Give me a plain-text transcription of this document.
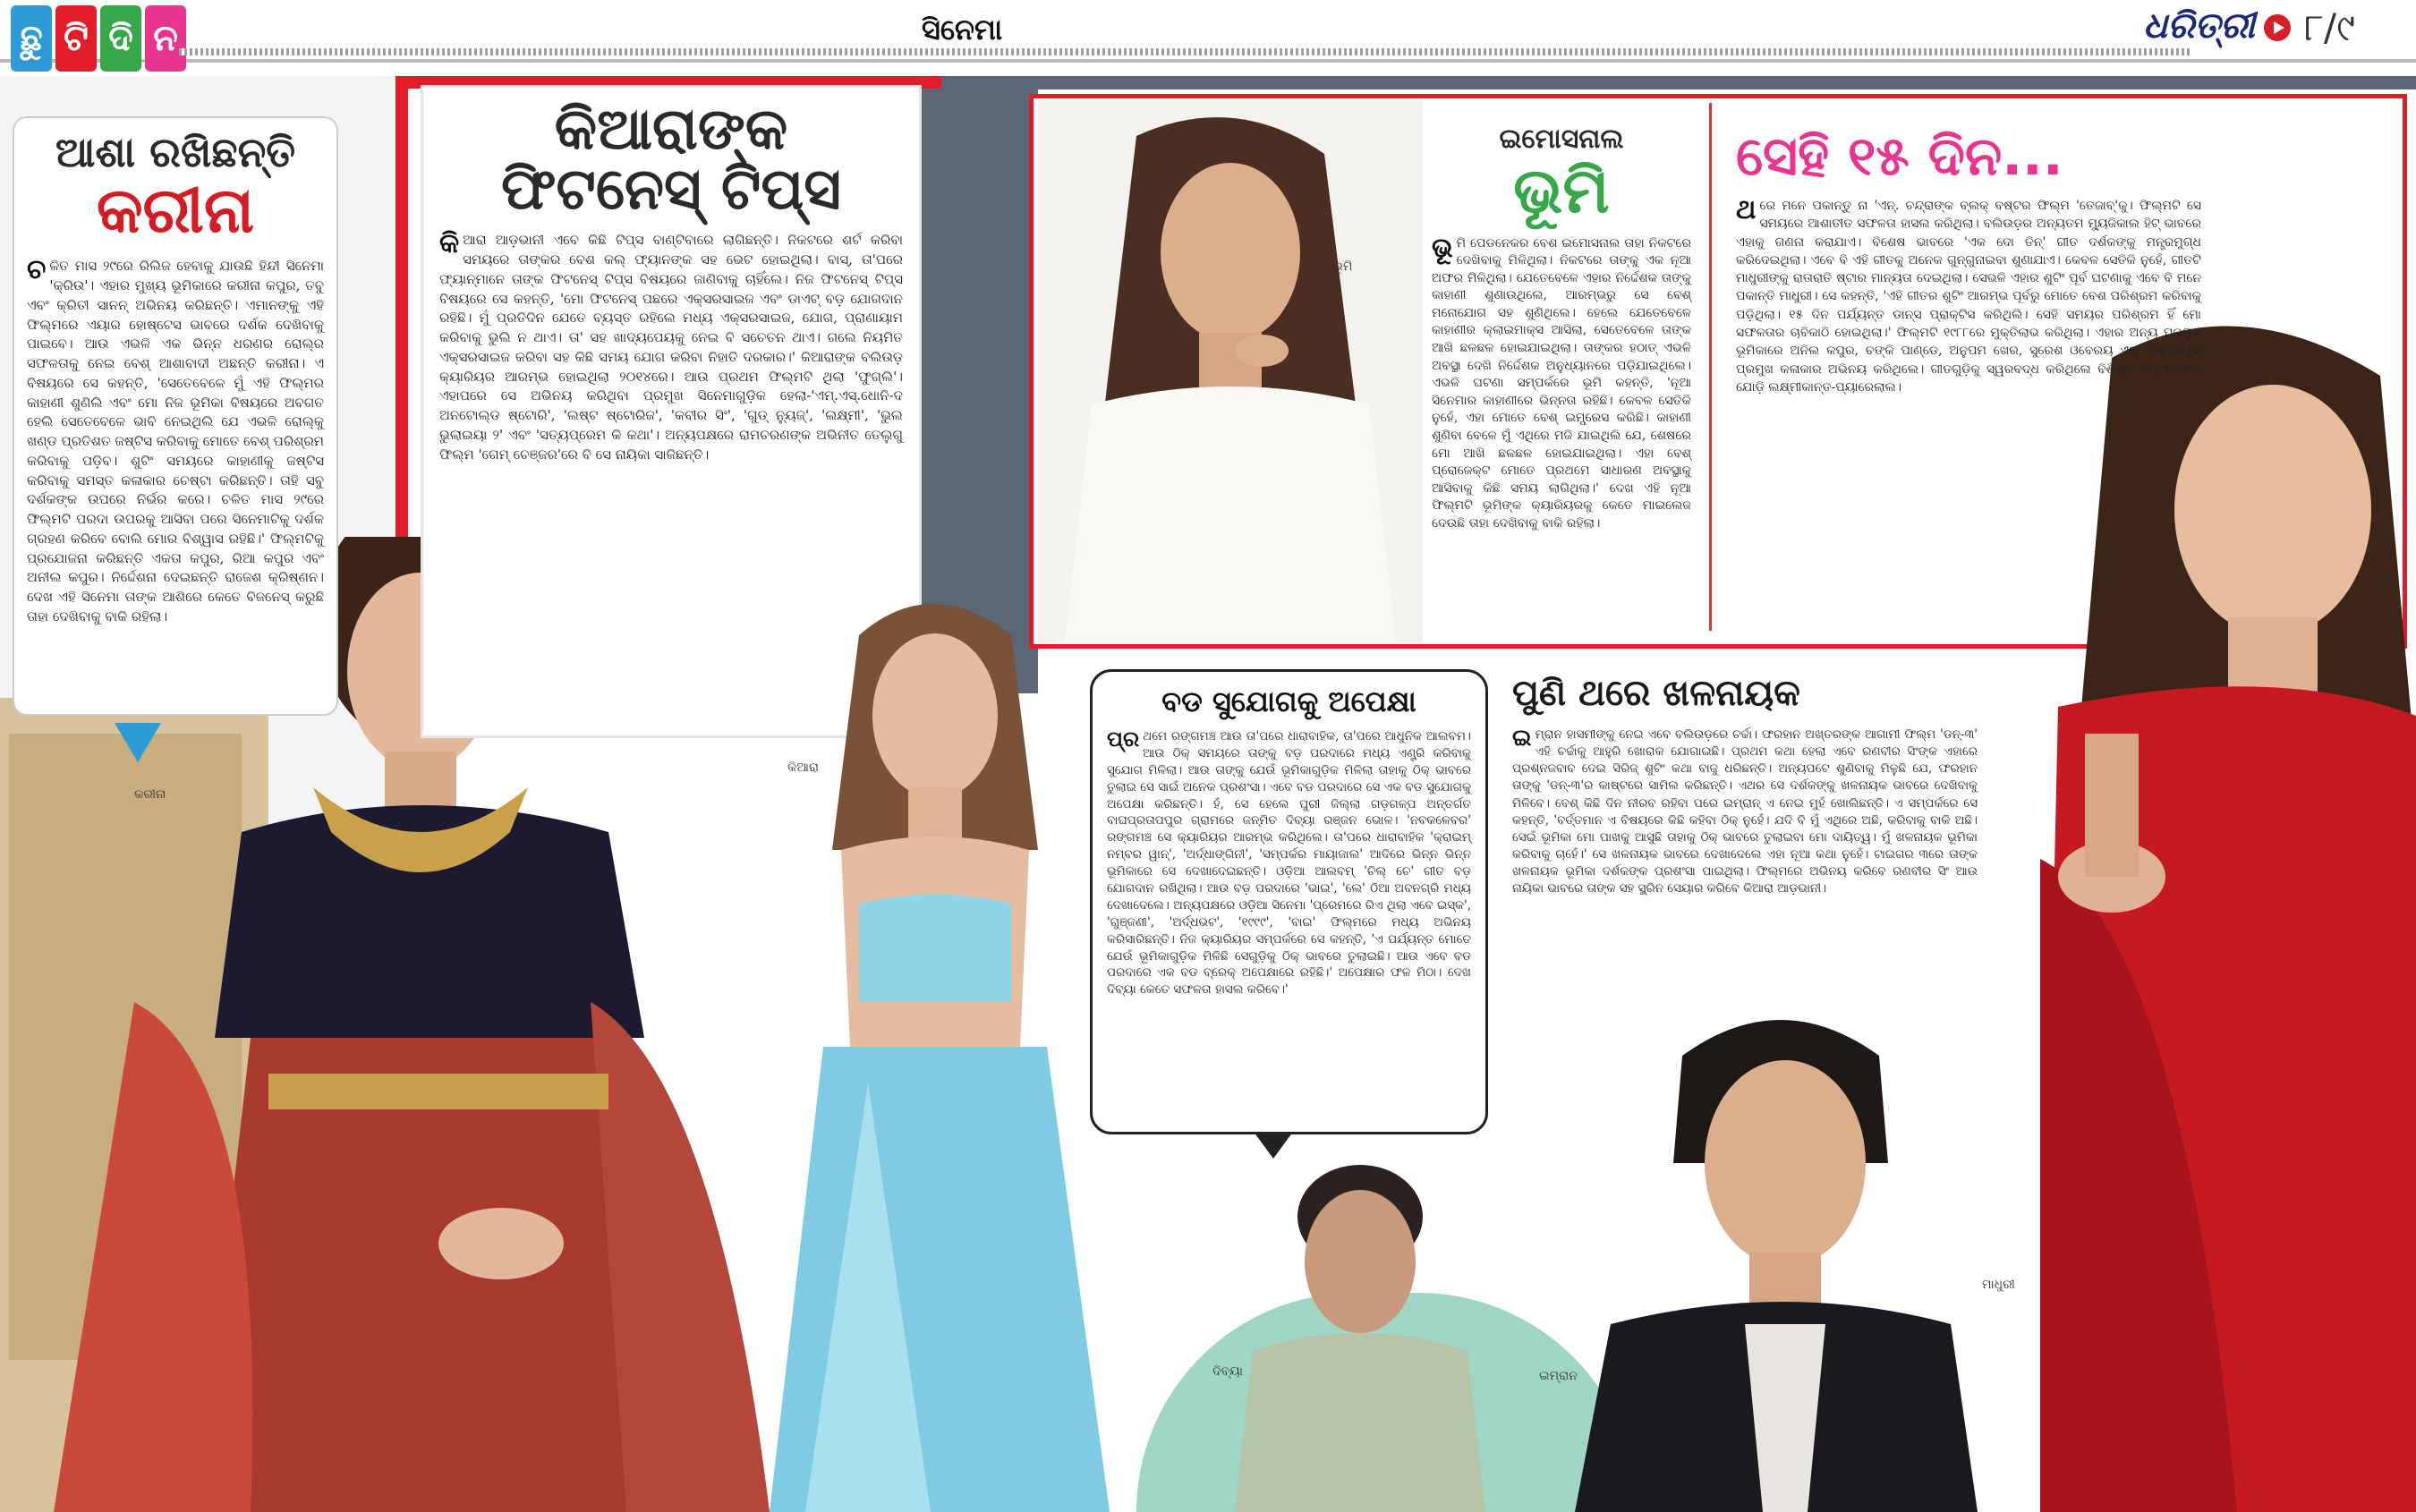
ଛୁ ଟି ଦି ନ	ସିନେମା	ଧରିତ୍ରୀ ୮/୯
ଆଶା ରଖିଛନ୍ତି
କରୀନା
ଚଳିତ ମାସ ୨୯ରେ ରିଲିଜ ହେବାକୁ ଯାଉଛି ହିନ୍ଦୀ ସିନେମା 'କ୍ରିଉ'। ଏହାର ମୁଖ୍ୟ ଭୂମିକାରେ କରୀନା କପୁର, ତବୁ ଏବଂ କ୍ରିତୀ ସାନନ୍ ଅଭିନୟ କରିଛନ୍ତି। ଏମାନଙ୍କୁ ଏହି ଫିଲ୍ମରେ ଏୟାର ହୋଷ୍ଟେସ ଭାବରେ ଦର୍ଶକ ଦେଖିବାକୁ ପାଇବେ। ଆଉ ଏଭଳି ଏକ ଭିନ୍ନ ଧରଣର ରୋଲ୍ର ସଫଳତାକୁ ନେଇ ବେଶ୍ ଆଶାବାଦୀ ଅଛନ୍ତି କରୀନା। ଏ ବିଷୟରେ ସେ କହନ୍ତି, 'ସେତେବେଳେ ମୁଁ ଏହି ଫିଲ୍ମର କାହାଣୀ ଶୁଣିଲି ଏବଂ ମୋ ନିଜ ଭୂମିକା ବିଷୟରେ ଅବଗତ ହେଲି ସେତେବେଳେ ଭାବି ନେଇଥିଲି ଯେ ଏଭଳି ରୋଲ୍କୁ ଖଣ୍ଡ ପ୍ରତିଶତ ଜଷ୍ଟିସ କରିବାକୁ ମୋତେ ବେଶ୍ ପରିଶ୍ରମ କରିବାକୁ ପଡ଼ିବ। ଶୁଟିଂ ସମୟରେ କାହାଣୀକୁ ଜଷ୍ଟିସ କରିବାକୁ ସମସ୍ତ କଳାକାର ଚେଷ୍ଟା କରିଛନ୍ତି। ତାହି ସବୁ ଦର୍ଶକଙ୍କ ଉପରେ ନିର୍ଭର କରେ। ଚଳିତ ମାସ ୨୯ରେ ଫିଲ୍ମଟି ପରଦା ଉପରକୁ ଆସିବା ପରେ ସିନେମାଟିକୁ ଦର୍ଶକ ଗ୍ରହଣ କରିବେ ବୋଲି ମୋର ବିଶ୍ୱାସ ରହିଛି।' ଫିଲ୍ମଟିକୁ ପ୍ରଯୋଜନା କରିଛନ୍ତି ଏକତା କପୁର, ରିଆ କପୁର ଏବଂ ଅନୀଲ କପୁର। ନିର୍ଦ୍ଦେଶନା ଦେଇଛନ୍ତି ରାଜେଶ କ୍ରିଷ୍ଣନ। ଦେଖ ଏହି ସିନେମା ତାଙ୍କ ଆଶିରେ କେତେ ବିଜନେସ୍ କରୁଛି ତାହା ଦେଖିବାକୁ ବାକି ରହିଲା।
କରୀନା
କିଆରାଙ୍କ
ଫିଟନେସ୍ ଟିପ୍ସ
କିଆରା ଆଡ଼ଭାନୀ ଏବେ କିଛି ଟିପ୍ସ ବାଣ୍ଟିବାରେ ଲାଗିଛନ୍ତି। ନିକଟରେ ଶର୍ଟ କରିବା ସମୟରେ ତାଙ୍କର ବେଶ କଲ୍ ଫ୍ୟାନଙ୍କ ସହ ଭେଟ ହୋଇଥିଲା। ବାସ୍, ତା'ପରେ ଫ୍ୟାନ୍ମାନେ ତାଙ୍କ ଫିଟନେସ୍ ଟିପ୍ସ ବିଷୟରେ ଜାଣିବାକୁ ଚାହିଁଲେ। ନିଜ ଫିଟନେସ୍ ଟିପ୍ସ ବିଷୟରେ ସେ କହନ୍ତି, 'ମୋ ଫିଟନେସ୍ ପଛରେ ଏକ୍ସରସାଇଜ ଏବଂ ଡାଏଟ୍ ବଡ଼ ଯୋଗଦାନ ରହିଛି। ମୁଁ ପ୍ରତିଦିନ ଯେତେ ବ୍ୟସ୍ତ ରହିଲେ ମଧ୍ୟ ଏକ୍ସରସାଇଜ, ଯୋଗ, ପ୍ରାଣାୟାମ କରିବାକୁ ଭୁଲି ନ ଥାଏ। ତା' ସହ ଖାଦ୍ୟପେୟକୁ ନେଇ ବି ସଚେତନ ଥାଏ। ଗଲେ ନିୟମିତ ଏକ୍ସରସାଇଜ କରିବା ସହ କିଛି ସମୟ ଯୋଗ କରିବା ନିହାତି ଦରକାର।' କିଆରାଙ୍କ ବଲିଉଡ଼ କ୍ୟାରିୟର ଆରମ୍ଭ ହୋଇଥିଲା ୨୦୧୪ରେ। ଆଉ ପ୍ରଥମ ଫିଲ୍ମଟି ଥିଲା 'ଫୁଗ୍ଲି'। ଏହାପରେ ସେ ଅଭିନୟ କରିଥିବା ପ୍ରମୁଖ ସିନେମାଗୁଡ଼ିକ ହେଲା-'ଏମ୍.ଏସ୍.ଧୋନି-ଦ ଅନଟୋଲ୍ଡ ଷ୍ଟୋରି', 'ଲଷ୍ଟ ଷ୍ଟୋରିଜ', 'କବୀର ସିଂ', 'ଗୁଡ୍ ନ୍ୟୁଜ୍', 'ଲକ୍ଷ୍ମୀ', 'ଭୁଲ ଭୁଲାଇୟା ୨' ଏବଂ 'ସତ୍ୟପ୍ରେମ କି କଥା'। ଅନ୍ୟପକ୍ଷରେ ରାମଚରଣଙ୍କ ଅଭିନୀତ ତେଲୁଗୁ ଫିଲ୍ମ 'ଗେମ୍ ଚେଞ୍ଜର'ରେ ବି ସେ ନାୟିକା ସାଜିଛନ୍ତି।
କିଆରା
ଭୂମି
ଇମୋସନାଲ
ଭୂମି
ଭୂମି ପେଡନେକର ବେଶ ଇମୋସନାଲ ତାହା ନିକଟରେ ଦେଖିବାକୁ ମିଳିଥିଲା। ନିକଟରେ ତାଙ୍କୁ ଏକ ନୂଆ ଅଫର ମିଳିଥିଲା। ଯେତେବେଳେ ଏହାର ନିର୍ଦ୍ଦେଶକ ତାଙ୍କୁ କାହାଣୀ ଶୁଣାଉଥିଲେ, ଆରମ୍ଭରୁ ସେ ବେଶ୍ ମନୋଯୋଗ ସହ ଶୁଣିଥିଲେ। ହେଲେ ଯେତେବେଳେ କାହାଣୀର କ୍ଲାଇମାକ୍ସ ଆସିଲା, ସେତେବେଳେ ତାଙ୍କ ଆଖି ଛଳଛଳ ହୋଇଯାଇଥିଲା। ତାଙ୍କର ହଠାତ୍ ଏଭଳି ଅବସ୍ଥା ଦେଖି ନିର୍ଦ୍ଦେଶକ ଅନୁଧ୍ୟାନରେ ପଡ଼ିଯାଇଥିଲେ। ଏଭଳି ଘଟଣା ସମ୍ପର୍କରେ ଭୂମି କହନ୍ତି, 'ନୂଆ ସିନେମାର କାହାଣୀରେ ଭିନ୍ନତା ରହିଛି। କେବଳ ସେତିକି ନୁହେଁ, ଏହା ମୋତେ ବେଶ୍ ଇମ୍ପ୍ରେସ କରିଛି। କାହାଣୀ ଶୁଣିବା ବେଳେ ମୁଁ ଏଥିରେ ମଜି ଯାଇଥିଲି ଯେ, ଶେଷରେ ମୋ ଆଖି ଛଳଛଳ ହୋଇଯାଇଥିଲା। ଏହା ବେଶ୍ ପ୍ରୋଜେକ୍ଟ ମୋତେ ପ୍ରଥମେ ସାଧାରଣ ଅବସ୍ଥାକୁ ଆସିବାକୁ କିଛି ସମୟ ଲାଗିଥିଲା।' ଦେଖ ଏହି ନୂଆ ଫିଲ୍ମଟି ଭୂମିଙ୍କ କ୍ୟାରିୟରକୁ କେତେ ମାଇଲେଜ ଦେଉଛି ତାହା ଦେଖିବାକୁ ବାକି ରହିଲା।
ମାଧୁରୀ
ସେହି ୧୫ ଦିନ...
ଥରେ ମନେ ପକାନ୍ତୁ ନା 'ଏନ୍. ଚନ୍ଦ୍ରାଙ୍କ ବ୍ଲକ୍ ବଷ୍ଟର ଫିଲ୍ମ 'ତେଜାବ୍'କୁ। ଫିଲ୍ମଟି ସେ ସମୟରେ ଆଶାତୀତ ସଫଳତା ହାସଲ କରିଥିଲା। ବଲିଉଡ଼ର ଅନ୍ୟତମ ମ୍ୟୁଜିକାଲ ହିଟ୍ ଭାବରେ ଏହାକୁ ଗଣନା କରାଯାଏ। ବିଶେଷ ଭାବରେ 'ଏକ ଦୋ ତିନ୍' ଗୀତ ଦର୍ଶକଙ୍କୁ ମନ୍ତ୍ରମୁଗ୍ଧ କରିଦେଇଥିଲା। ଏବେ ବି ଏହି ଗୀତକୁ ଅନେକ ଗୁନ୍ଗୁନାଇବା ଶୁଣାଯାଏ। କେବଳ ସେତିକି ନୁହେଁ, ଗୀତଟି ମାଧୁରୀଙ୍କୁ ରାତାରାତି ଷ୍ଟାର ମାନ୍ୟତା ଦେଇଥିଲା। ସେଭଳି ଏହାର ଶୁଟିଂ ପୂର୍ବ ଘଟଣାକୁ ଏବେ ବି ମନେ ପକାନ୍ତି ମାଧୁରୀ। ସେ କହନ୍ତି, 'ଏହି ଗୀତର ଶୁଟିଂ ଆରମ୍ଭ ପୂର୍ବରୁ ମୋତେ ବେଶ ପରିଶ୍ରମ କରିବାକୁ ପଡ଼ିଥିଲା। ୧୫ ଦିନ ପର୍ଯ୍ୟନ୍ତ ଡାନ୍ସ ପ୍ରାକ୍ଟିସ କରିଥିଲି। ସେହି ସମୟର ପରିଶ୍ରମ ହିଁ ମୋ ସଫଳତାର ଚାବିକାଠି ହୋଇଥିଲା।' ଫିଲ୍ମଟି ୧୯୮୮ରେ ମୁକ୍ତିଲାଭ କରିଥିଲା। ଏହାର ଅନ୍ୟ ପ୍ରମୁଖ ଭୂମିକାରେ ଅନିଲ କପୁର, ଚଙ୍କି ପାଣ୍ଡେ, ଅନୁପମ ଖେର, ସୁରେଶ ଓବେରୟ ଏବଂ ଅନୁ କପୁର ପ୍ରମୁଖ କଳାକାର ଅଭିନୟ କରିଥିଲେ। ଗୀତଗୁଡ଼ିକୁ ସ୍ୱରବଦ୍ଧ କରିଥିଲେ ବିଶିଷ୍ଟ ସଙ୍ଗୀତକାର ଯୋଡ଼ି ଲକ୍ଷ୍ମୀକାନ୍ତ-ପ୍ୟାରେଲାଲ।
ବଡ ସୁଯୋଗକୁ ଅପେକ୍ଷା
ପ୍ର ଥମେ ରଙ୍ଗମଞ୍ଚ ଆଉ ତା'ପରେ ଧାରାବାହିକ, ତା'ପରେ ଆଧୁନିକ ଆଲବମ। ଆଉ ଠିକ୍ ସମୟରେ ତାଙ୍କୁ ବଡ଼ ପରଦାରେ ମଧ୍ୟ ଏଣ୍ଟ୍ରି କରିବାକୁ ସୁଯୋଗ ମିଳିଲା। ଆଉ ତାଙ୍କୁ ଯେଉଁ ଭୂମିକାଗୁଡ଼ିକ ମିଳିଲା ତାହାକୁ ଠିକ୍ ଭାବରେ ତୁଲାଇ ସେ ସାଇଁ ଅନେକ ପ୍ରଶଂସା। ଏବେ ବଡ ପରଦାରେ ସେ ଏକ ବଡ ସୁଯୋଗକୁ ଅପେକ୍ଷା କରିଛନ୍ତି। ହଁ, ସେ ହେଲେ ପୁରୀ ଜିଲ୍ଲା ଗଡ଼ଗଳ୍ପ ଅନ୍ତର୍ଗତ ବାଘପ୍ରତାପପୁର ଗ୍ରାମରେ ଜନ୍ମିତ ଦିବ୍ୟା ରଞ୍ଜନ ଭୋଳ। 'ନବକଳେବର' ରଙ୍ଗମଞ୍ଚ ସେ କ୍ୟାରିୟର ଆରମ୍ଭ କରିଥିଲେ। ତା'ପରେ ଧାରାବାହିକ 'କ୍ରାଇମ୍ ନମ୍ବର ୱାନ୍', 'ଅର୍ଦ୍ଧାଙ୍ଗିନୀ', 'ସମ୍ପର୍କର ମାୟାଜାଲ' ଆଦିରେ ଭିନ୍ନ ଭିନ୍ନ ଭୂମିକାରେ ସେ ଦେଖାଦେଇଛନ୍ତି। ଓଡ଼ିଆ ଆଲବମ୍ 'ଚିଲ୍ ଚେ' ଗୀତ ବଡ଼ ଯୋଗଦାନ ରଖିଥିଲା। ଆଉ ବଡ଼ ପରଦାରେ 'ଭାଇ', 'ଲେ' ଠିଆ ଅବନଗ୍ରି ମଧ୍ୟ ଦେଖାଦେଲେ। ଅନ୍ୟପକ୍ଷରେ ଓଡ଼ିଆ ସିନେମା 'ପ୍ରେମରେ ରିଏ ଥିଲା ଏବେ ଇସ୍କ', 'ଗୁଞ୍ଜଣୀ', 'ଅର୍ଦ୍ଧଭଟ', '୧୯୯୯', 'ବାଇ' ଫିଲ୍ମରେ ମଧ୍ୟ ଅଭିନୟ କରିସାରିଛନ୍ତି। ନିଜ କ୍ୟାରିୟର ସମ୍ପର୍କରେ ସେ କହନ୍ତି, 'ଏ ପର୍ଯ୍ୟନ୍ତ ମୋତେ ଯେଉଁ ଭୂମିକାଗୁଡ଼ିକ ମିଳିଛି ସେଗୁଡ଼ିକୁ ଠିକ୍ ଭାବରେ ତୁଲାଇଛି। ଆଉ ଏବେ ବଡ ପରଦାରେ ଏକ ବଡ ବ୍ରେକ୍ ଅପେକ୍ଷାରେ ରହିଛି।' ଅପେକ୍ଷାର ଫଳ ମିଠା। ଦେଖ ଦିବ୍ୟା କେତେ ସଫଳତା ହାସଲ କରିବେ।'
ପୁଣି ଥରେ ଖଳନାୟକ
ଇମ୍ରାନ ହାସମୀଙ୍କୁ ନେଇ ଏବେ ବଲିଉଡ଼ରେ ଚର୍ଚ୍ଚା। ଫରହାନ ଅଖ୍ତରଙ୍କ ଆଗାମୀ ଫିଲ୍ମ 'ଡନ୍-୩' ଏହି ଚର୍ଚ୍ଚାକୁ ଆହୁରି ଖୋରାକ ଯୋଗାଇଛି। ପ୍ରଥମ କଥା ହେଲା ଏବେ ରଣବୀର ସିଂଙ୍କ ଏହାରେ ପ୍ରଶ୍ନଜବାବ ଦେଇ ସିରିଜ୍ ଶୁଟିଂ କଥା ବାଜୁ ଧରିଛନ୍ତି। ଅନ୍ୟପଟେ ଶୁଣିବାକୁ ମିଳୁଛି ଯେ, ଫରହାନ ତାଙ୍କୁ 'ଡନ୍-୩'ର କାଷ୍ଟରେ ସାମିଲ କରିଛନ୍ତି। ଏଥର ସେ ଦର୍ଶକଙ୍କୁ ଖଳନାୟକ ଭାବରେ ଦେଖିବାକୁ ମିଳିବେ। ବେଶ୍ କିଛି ଦିନ ନୀରବ ରହିବା ପରେ ଇମ୍ରାନ୍ ଏ ନେଇ ମୁହଁ ଖୋଲିଛନ୍ତି। ଏ ସମ୍ପର୍କରେ ସେ କହନ୍ତି, 'ବର୍ତ୍ତମାନ ଏ ବିଷୟରେ କିଛି କହିବା ଠିକ୍ ନୁହେଁ। ଯଦି ବି ମୁଁ ଏଥିରେ ଅଛି, କରିବାକୁ ବାକି ଅଛି। ସେଇଁ ଭୂମିକା ମୋ ପାଖକୁ ଆସୁଛି ତାହାକୁ ଠିକ୍ ଭାବରେ ତୁଲାଇବା ମୋ ଦାୟିତ୍ୱ। ମୁଁ ଖଳନାୟକ ଭୂମିକା କରିବାକୁ ଚାହେଁ।' ସେ ଖଳନାୟକ ଭାବରେ ଦେଖାଦେଲେ ଏହା ନୂଆ କଥା ନୁହେଁ। ଟାଇଗର ୩ରେ ତାଙ୍କ ଖଳନାୟକ ଭୂମିକା ଦର୍ଶକଙ୍କ ପ୍ରଶଂସା ପାଇଥିଲା। ଫିଲ୍ମରେ ଅଭିନୟ କରିବେ ରଣବୀର ସିଂ ଆଉ ନାୟିକା ଭାବରେ ତାଙ୍କ ସହ ସ୍କ୍ରିନ ସେୟାର କରିବେ କିଆରା ଆଡ଼ଭାନୀ।
ଦିବ୍ୟା	ଇମ୍ରାନ
